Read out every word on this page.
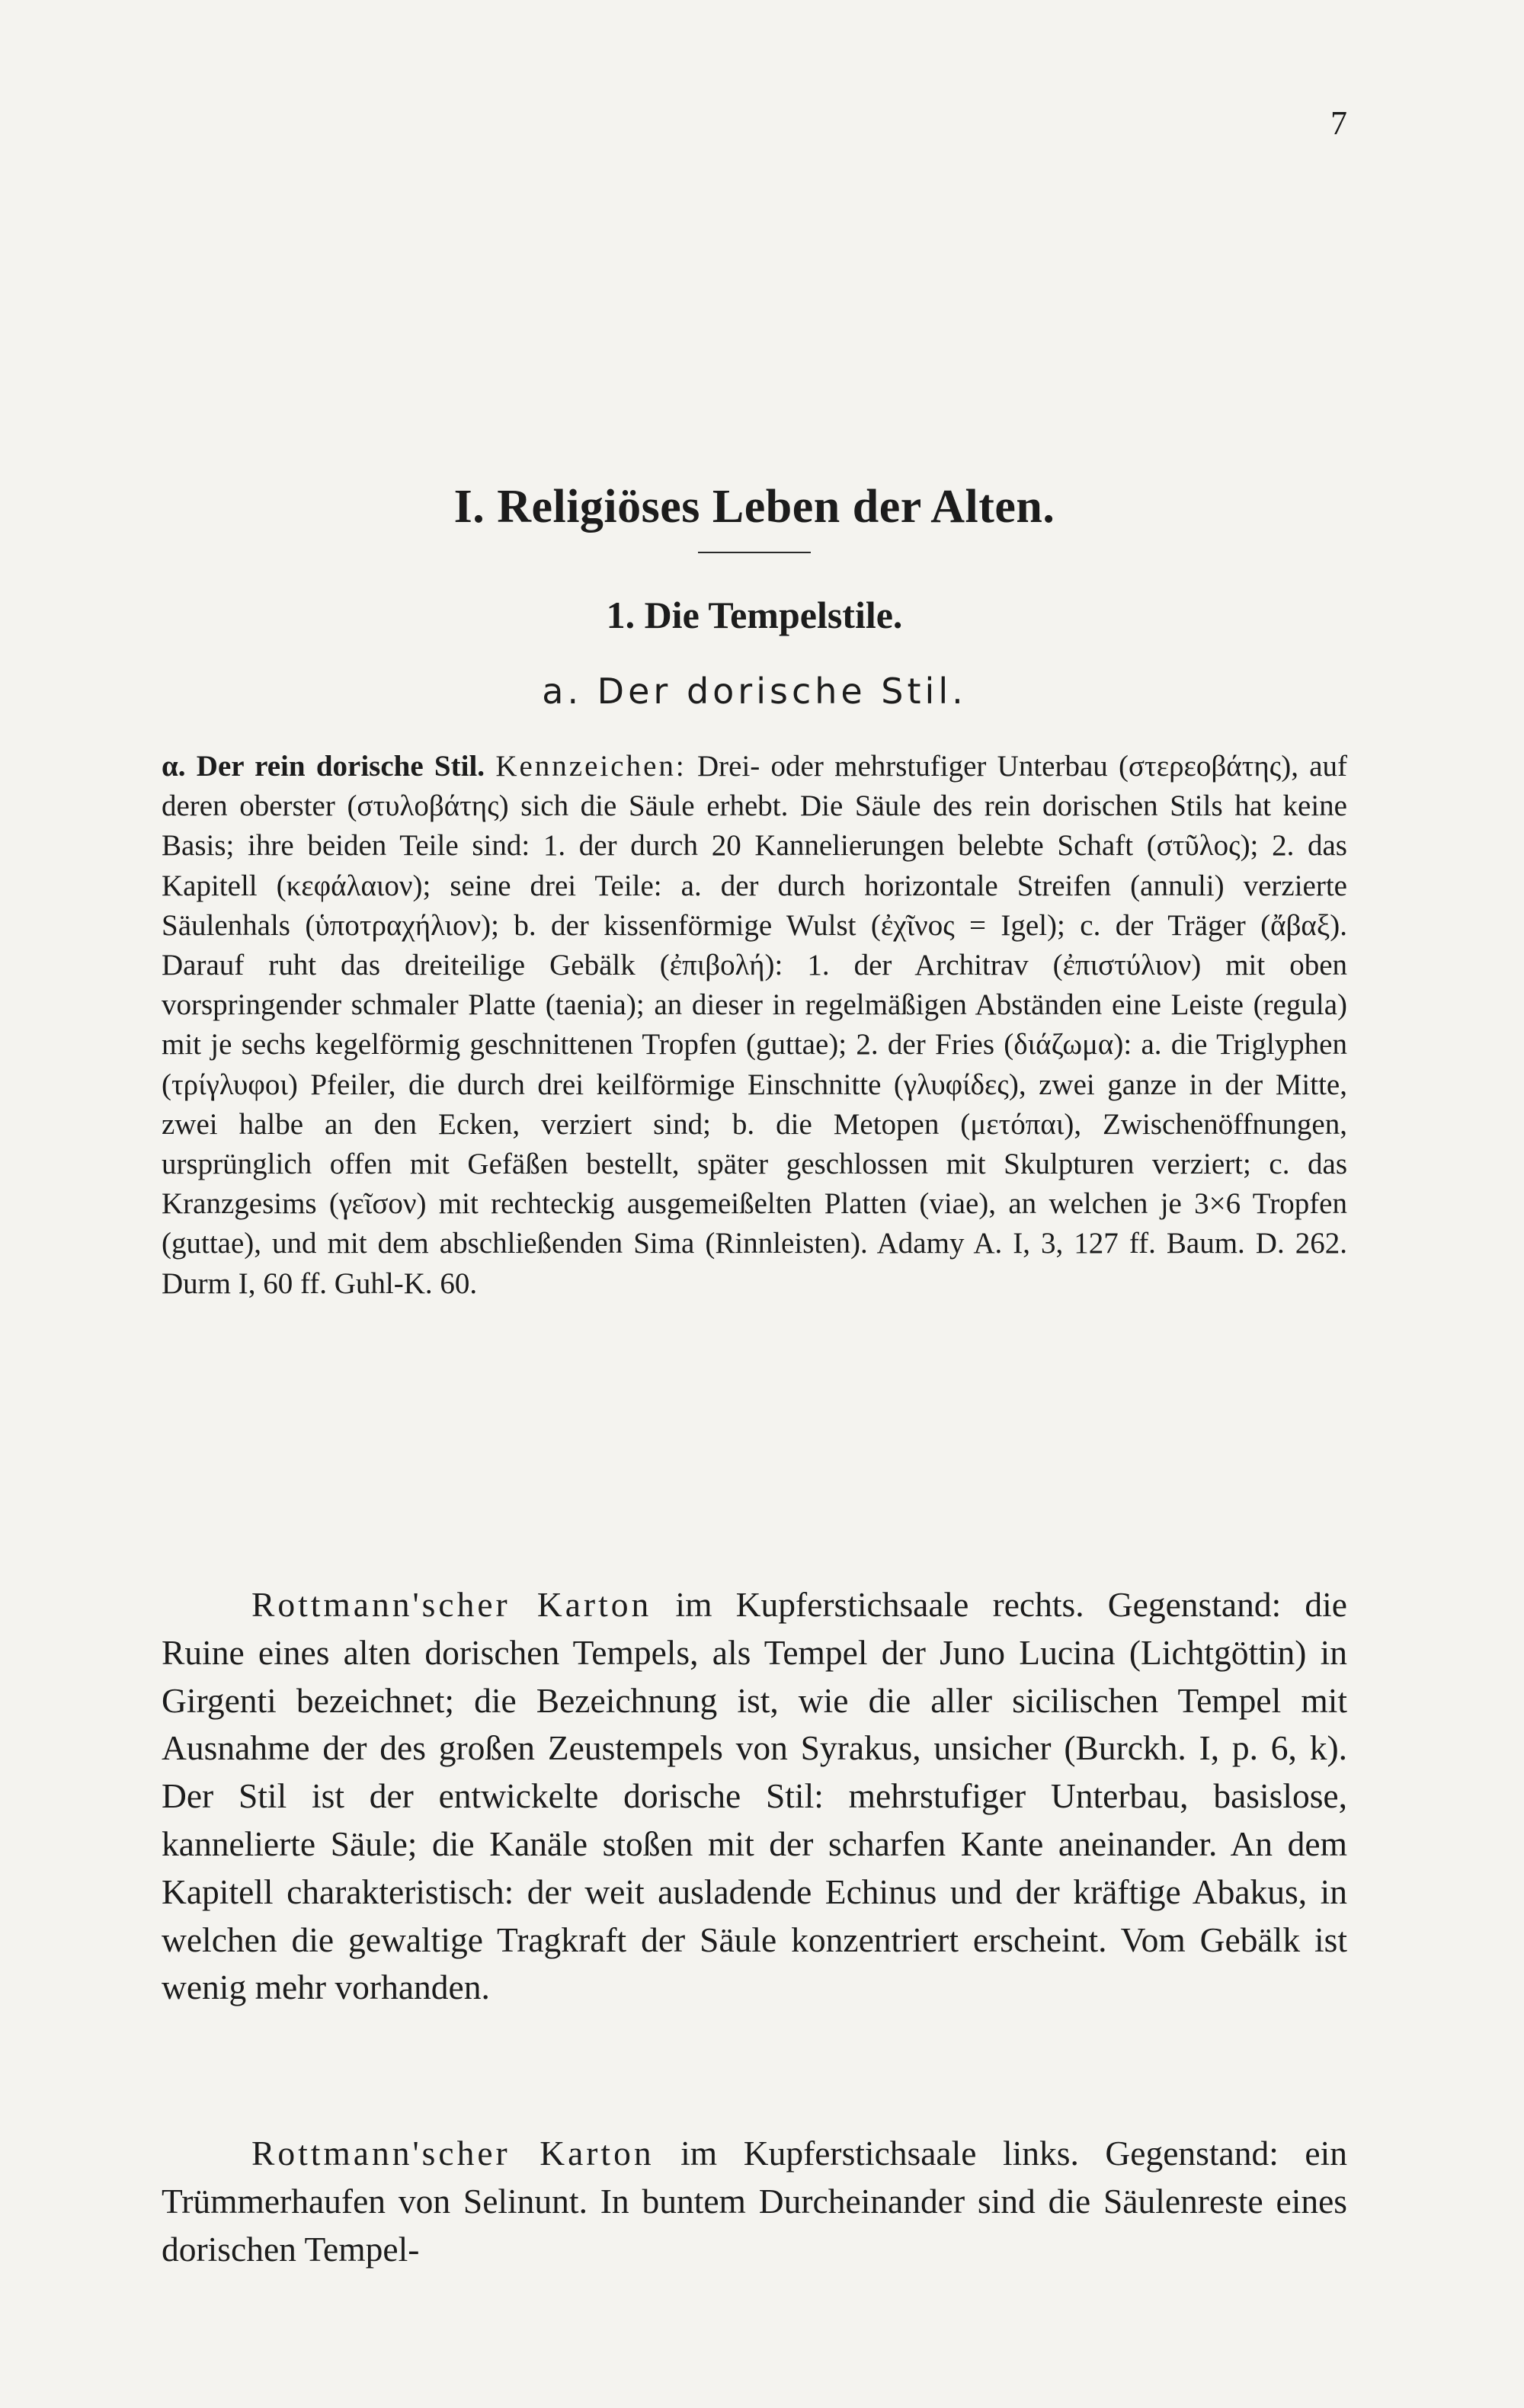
7
I. Religiöses Leben der Alten.
1. Die Tempelstile.
a. Der dorische Stil.
α. Der rein dorische Stil. Kennzeichen: Drei- oder mehrstufiger Unterbau (στερεοβάτης), auf deren oberster (στυλοβάτης) sich die Säule erhebt. Die Säule des rein dorischen Stils hat keine Basis; ihre beiden Teile sind: 1. der durch 20 Kannelierungen belebte Schaft (στῦλος); 2. das Kapitell (κεφάλαιον); seine drei Teile: a. der durch horizontale Streifen (annuli) verzierte Säulenhals (ὑποτραχήλιον); b. der kissenförmige Wulst (ἐχῖνος = Igel); c. der Träger (ἄβαξ). Darauf ruht das dreiteilige Gebälk (ἐπιβολή): 1. der Architrav (ἐπιστύλιον) mit oben vorspringender schmaler Platte (taenia); an dieser in regelmäßigen Abständen eine Leiste (regula) mit je sechs kegelförmig geschnittenen Tropfen (guttae); 2. der Fries (διάζωμα): a. die Triglyphen (τρίγλυφοι) Pfeiler, die durch drei keilförmige Einschnitte (γλυφίδες), zwei ganze in der Mitte, zwei halbe an den Ecken, verziert sind; b. die Metopen (μετόπαι), Zwischenöffnungen, ursprünglich offen mit Gefäßen bestellt, später geschlossen mit Skulpturen verziert; c. das Kranzgesims (γεῖσον) mit rechteckig ausgemeißelten Platten (viae), an welchen je 3×6 Tropfen (guttae), und mit dem abschließenden Sima (Rinnleisten). Adamy A. I, 3, 127 ff. Baum. D. 262. Durm I, 60 ff. Guhl-K. 60.

Rottmann'scher Karton im Kupferstichsaale rechts. Gegenstand: die Ruine eines alten dorischen Tempels, als Tempel der Juno Lucina (Lichtgöttin) in Girgenti bezeichnet; die Bezeichnung ist, wie die aller sicilischen Tempel mit Ausnahme der des großen Zeustempels von Syrakus, unsicher (Burckh. I, p. 6, k). Der Stil ist der entwickelte dorische Stil: mehrstufiger Unterbau, basislose, kannelierte Säule; die Kanäle stoßen mit der scharfen Kante aneinander. An dem Kapitell charakteristisch: der weit ausladende Echinus und der kräftige Abakus, in welchen die gewaltige Tragkraft der Säule konzentriert erscheint. Vom Gebälk ist wenig mehr vorhanden.

Rottmann'scher Karton im Kupferstichsaale links. Gegenstand: ein Trümmerhaufen von Selinunt. In buntem Durcheinander sind die Säulenreste eines dorischen Tempel-
